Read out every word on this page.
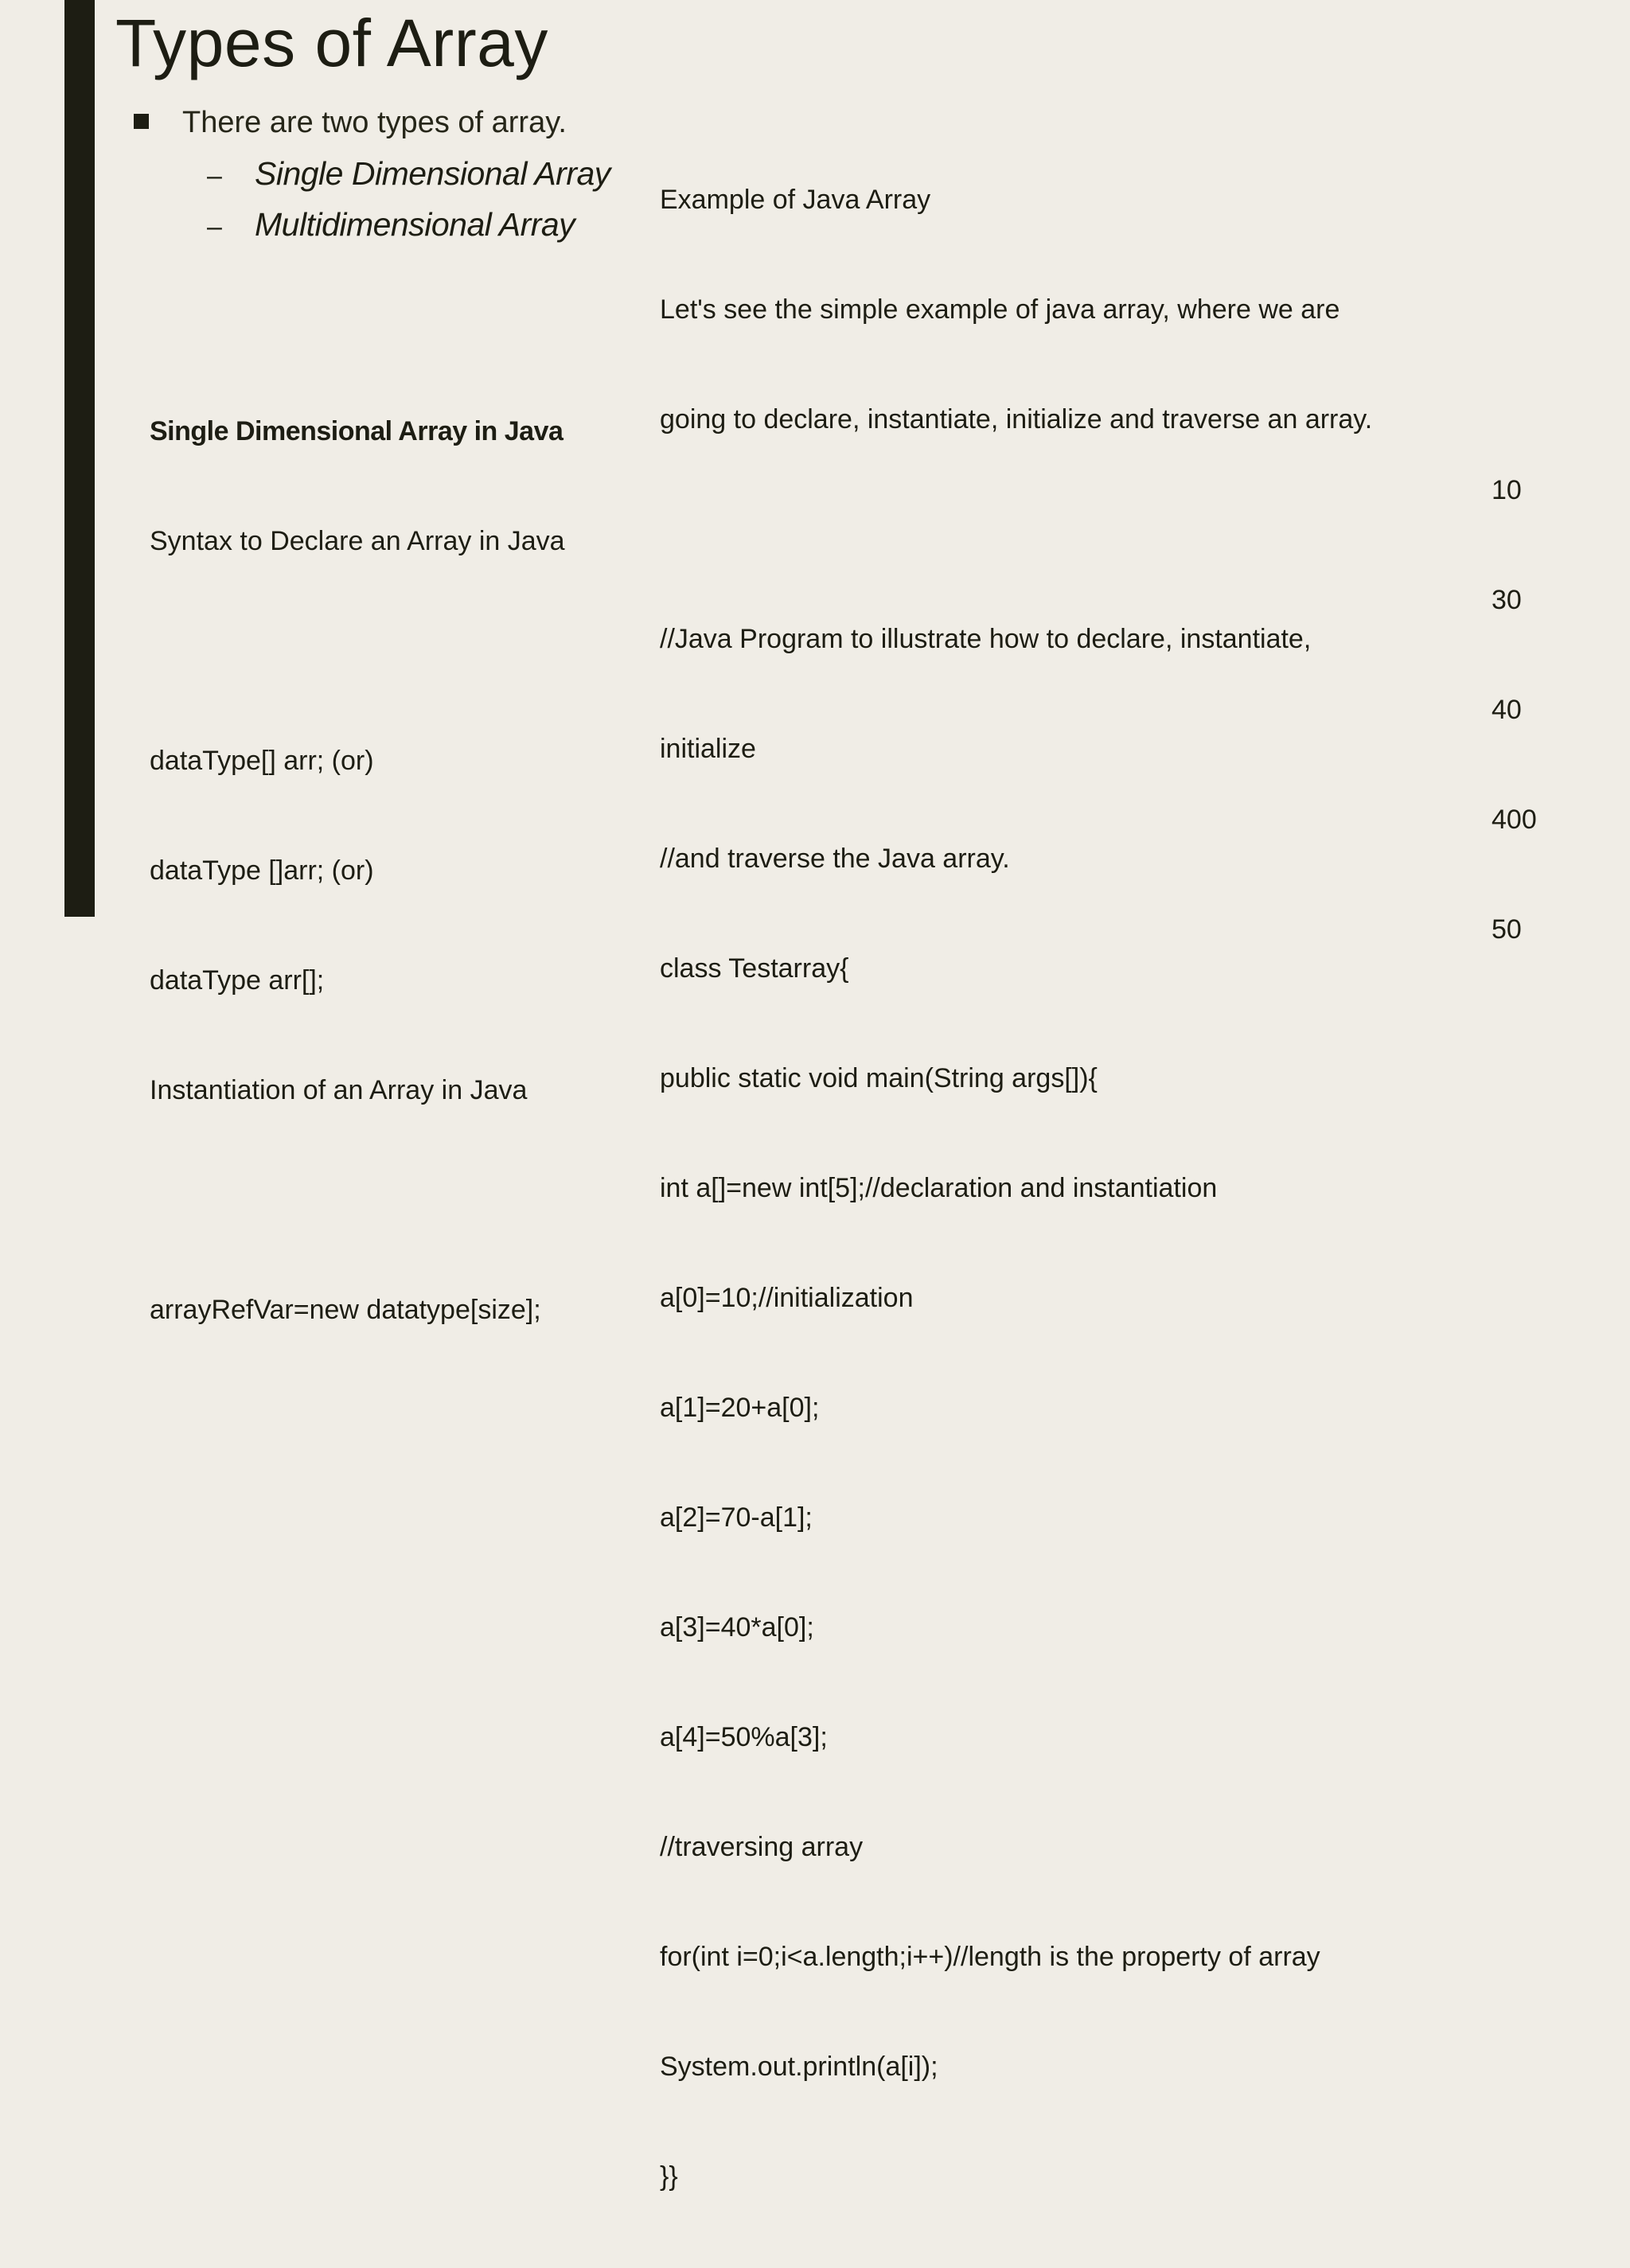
Types of Array
There are two types of array.
– Single Dimensional Array
– Multidimensional Array

Single Dimensional Array in Java

Syntax to Declare an Array in Java

dataType[] arr; (or)

dataType []arr; (or)

dataType arr[];

Instantiation of an Array in Java

arrayRefVar=new datatype[size];

Example of Java Array

Let's see the simple example of java array, where we are

going to declare, instantiate, initialize and traverse an array.

//Java Program to illustrate how to declare, instantiate,

initialize

//and traverse the Java array.

class Testarray{

public static void main(String args[]){

int a[]=new int[5];//declaration and instantiation

a[0]=10;//initialization

a[1]=20+a[0];

a[2]=70-a[1];

a[3]=40*a[0];

a[4]=50%a[3];

//traversing array

for(int i=0;i<a.length;i++)//length is the property of array

System.out.println(a[i]);

}}

10

30

40

400

50
